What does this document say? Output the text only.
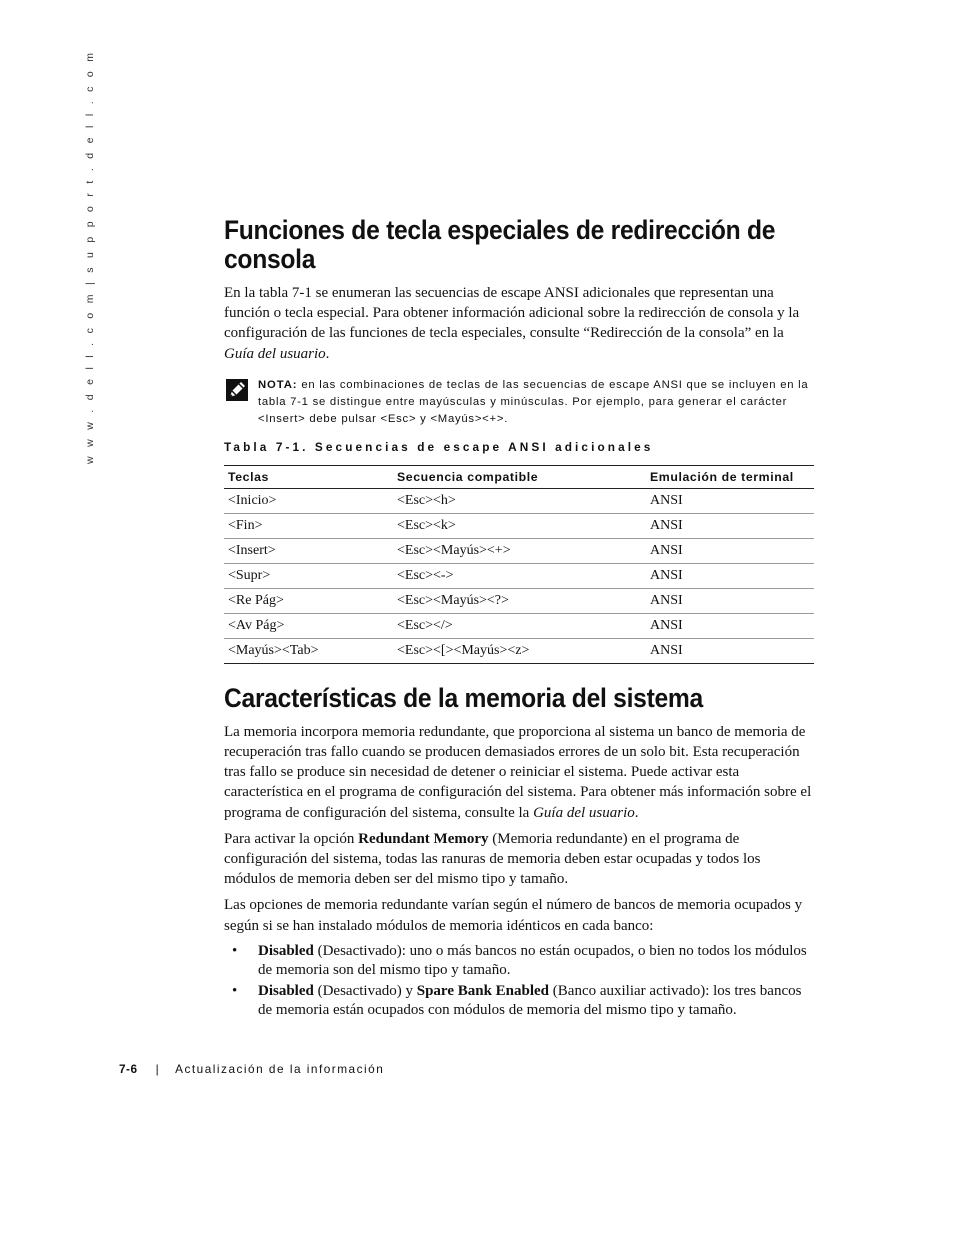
w w w . d e l l . c o m | s u p p o r t . d e l l . c o m	Funciones de tecla especiales de redirección de consola

En la tabla 7-1 se enumeran las secuencias de escape ANSI adicionales que representan una función o tecla especial. Para obtener información adicional sobre la redirección de consola y la configuración de las funciones de tecla especiales, consulte “Redirección de la consola” en la Guía del usuario.

NOTA: en las combinaciones de teclas de las secuencias de escape ANSI que se incluyen en la tabla 7-1 se distingue entre mayúsculas y minúsculas. Por ejemplo, para generar el carácter <Insert> debe pulsar <Esc> y <Mayús><+>.

Tabla 7-1. Secuencias de escape ANSI adicionales
Teclas	Secuencia compatible	Emulación de terminal
<Inicio>	<Esc><h>	ANSI
<Fin>	<Esc><k>	ANSI
<Insert>	<Esc><Mayús><+>	ANSI
<Supr>	<Esc><->	ANSI
<Re Pág>	<Esc><Mayús><?>	ANSI
<Av Pág>	<Esc></>	ANSI
<Mayús><Tab>	<Esc><[><Mayús><z>	ANSI
Características de la memoria del sistema

La memoria incorpora memoria redundante, que proporciona al sistema un banco de memoria de recuperación tras fallo cuando se producen demasiados errores de un solo bit. Esta recuperación tras fallo se produce sin necesidad de detener o reiniciar el sistema. Puede activar esta característica en el programa de configuración del sistema. Para obtener más información sobre el programa de configuración del sistema, consulte la Guía del usuario.

Para activar la opción Redundant Memory (Memoria redundante) en el programa de configuración del sistema, todas las ranuras de memoria deben estar ocupadas y todos los módulos de memoria deben ser del mismo tipo y tamaño.

Las opciones de memoria redundante varían según el número de bancos de memoria ocupados y según si se han instalado módulos de memoria idénticos en cada banco:

• Disabled (Desactivado): uno o más bancos no están ocupados, o bien no todos los módulos de memoria son del mismo tipo y tamaño.
• Disabled (Desactivado) y Spare Bank Enabled (Banco auxiliar activado): los tres bancos de memoria están ocupados con módulos de memoria del mismo tipo y tamaño.
7-6 | Actualización de la información
